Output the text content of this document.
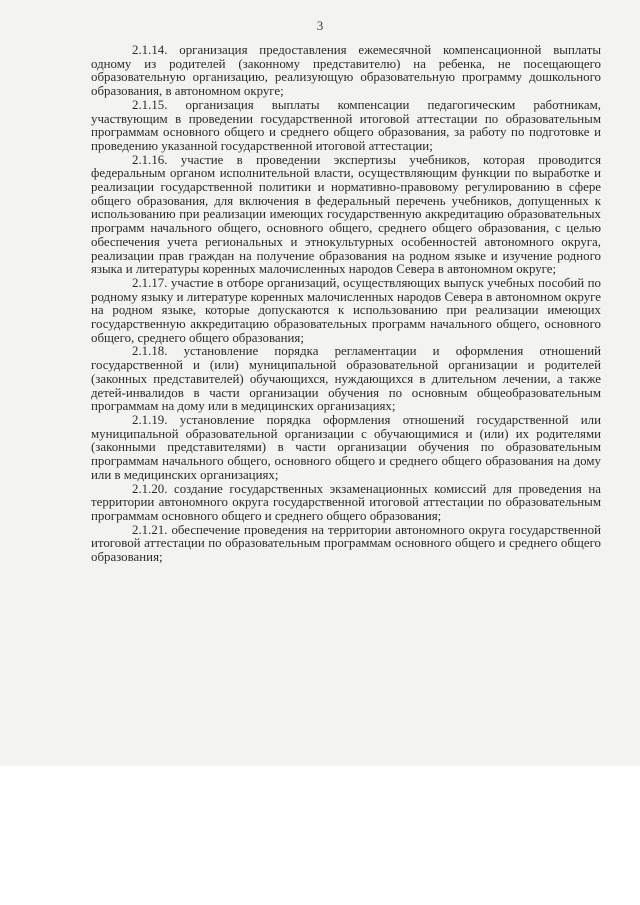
3

2.1.14. организация предоставления ежемесячной компенсационной выплаты одному из родителей (законному представителю) на ребенка, не посещающего образовательную организацию, реализующую образовательную программу дошкольного образования, в автономном округе;

2.1.15. организация выплаты компенсации педагогическим работникам, участвующим в проведении государственной итоговой аттестации по образовательным программам основного общего и среднего общего образования, за работу по подготовке и проведению указанной государственной итоговой аттестации;

2.1.16. участие в проведении экспертизы учебников, которая проводится федеральным органом исполнительной власти, осуществляющим функции по выработке и реализации государственной политики и нормативно-правовому регулированию в сфере общего образования, для включения в федеральный перечень учебников, допущенных к использованию при реализации имеющих государственную аккредитацию образовательных программ начального общего, основного общего, среднего общего образования, с целью обеспечения учета региональных и этнокультурных особенностей автономного округа, реализации прав граждан на получение образования на родном языке и изучение родного языка и литературы коренных малочисленных народов Севера в автономном округе;

2.1.17. участие в отборе организаций, осуществляющих выпуск учебных пособий по родному языку и литературе коренных малочисленных народов Севера в автономном округе на родном языке, которые допускаются к использованию при реализации имеющих государственную аккредитацию образовательных программ начального общего, основного общего, среднего общего образования;

2.1.18. установление порядка регламентации и оформления отношений государственной и (или) муниципальной образовательной организации и родителей (законных представителей) обучающихся, нуждающихся в длительном лечении, а также детей-инвалидов в части организации обучения по основным общеобразовательным программам на дому или в медицинских организациях;

2.1.19. установление порядка оформления отношений государственной или муниципальной образовательной организации с обучающимися и (или) их родителями (законными представителями) в части организации обучения по образовательным программам начального общего, основного общего и среднего общего образования на дому или в медицинских организациях;

2.1.20. создание государственных экзаменационных комиссий для проведения на территории автономного округа государственной итоговой аттестации по образовательным программам основного общего и среднего общего образования;

2.1.21. обеспечение проведения на территории автономного округа государственной итоговой аттестации по образовательным программам основного общего и среднего общего образования;
